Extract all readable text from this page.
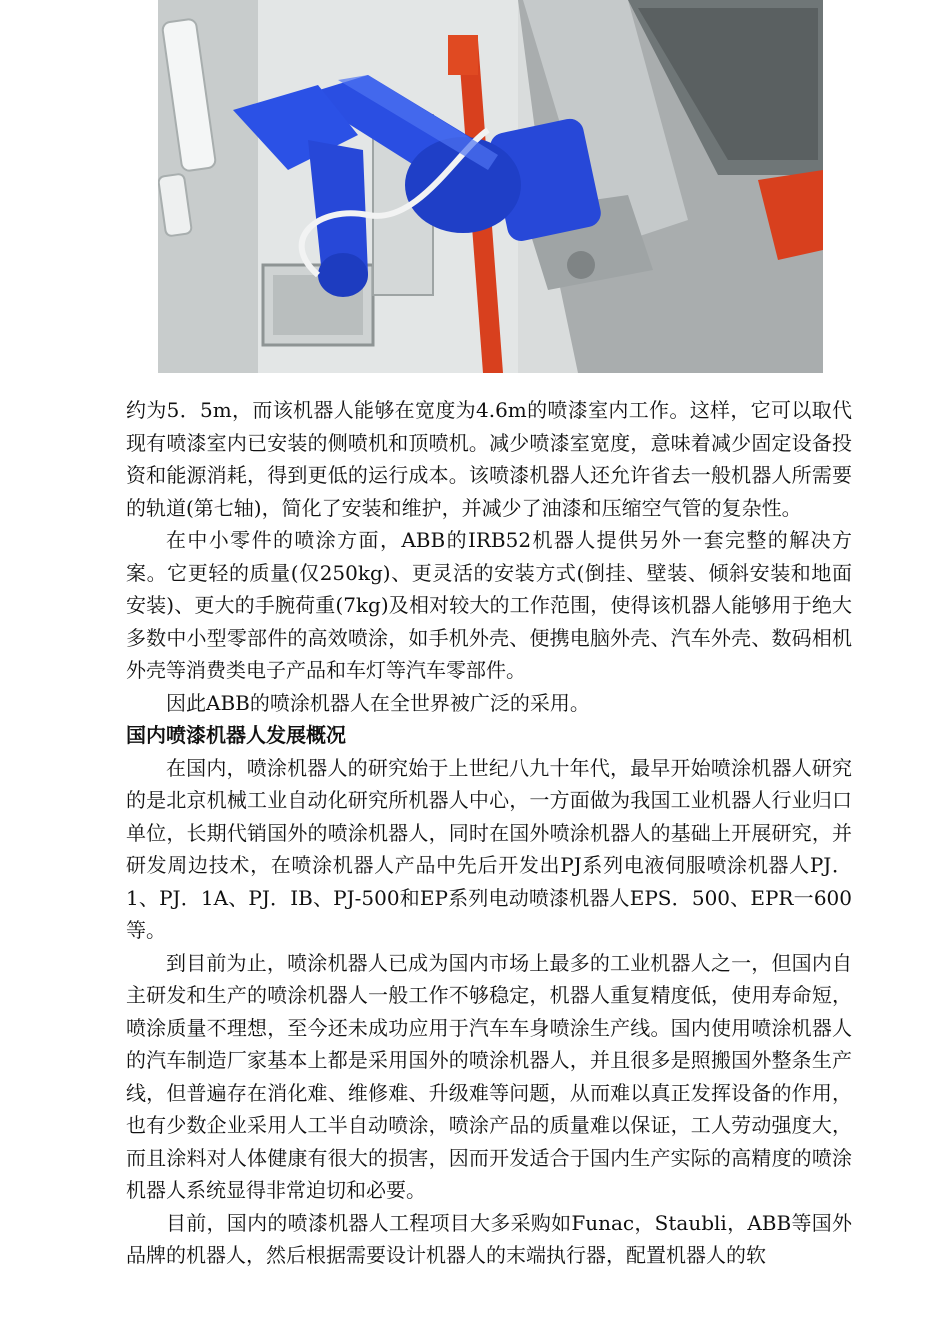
约为5．5m，而该机器人能够在宽度为4.6m的喷漆室内工作。这样，它可以取代现有喷漆室内已安装的侧喷机和顶喷机。减少喷漆室宽度，意味着减少固定设备投资和能源消耗，得到更低的运行成本。该喷漆机器人还允许省去一般机器人所需要的轨道(第七轴)，简化了安装和维护，并减少了油漆和压缩空气管的复杂性。

在中小零件的喷涂方面，ABB的IRB52机器人提供另外一套完整的解决方案。它更轻的质量(仅250kg)、更灵活的安装方式(倒挂、壁装、倾斜安装和地面安装)、更大的手腕荷重(7kg)及相对较大的工作范围，使得该机器人能够用于绝大多数中小型零部件的高效喷涂，如手机外壳、便携电脑外壳、汽车外壳、数码相机外壳等消费类电子产品和车灯等汽车零部件。

因此ABB的喷涂机器人在全世界被广泛的采用。

国内喷漆机器人发展概况

在国内，喷涂机器人的研究始于上世纪八九十年代，最早开始喷涂机器人研究的是北京机械工业自动化研究所机器人中心，一方面做为我国工业机器人行业归口单位，长期代销国外的喷涂机器人，同时在国外喷涂机器人的基础上开展研究，并研发周边技术，在喷涂机器人产品中先后开发出PJ系列电液伺服喷涂机器人PJ．1、PJ．1A、PJ．IB、PJ-500和EP系列电动喷漆机器人EPS．500、EPR一600等。

到目前为止，喷涂机器人已成为国内市场上最多的工业机器人之一，但国内自主研发和生产的喷涂机器人一般工作不够稳定，机器人重复精度低，使用寿命短，喷涂质量不理想，至今还未成功应用于汽车车身喷涂生产线。国内使用喷涂机器人的汽车制造厂家基本上都是采用国外的喷涂机器人，并且很多是照搬国外整条生产线，但普遍存在消化难、维修难、升级难等问题，从而难以真正发挥设备的作用，也有少数企业采用人工半自动喷涂，喷涂产品的质量难以保证，工人劳动强度大，而且涂料对人体健康有很大的损害，因而开发适合于国内生产实际的高精度的喷涂机器人系统显得非常迫切和必要。

目前，国内的喷漆机器人工程项目大多采购如Funac，Staubli，ABB等国外品牌的机器人，然后根据需要设计机器人的末端执行器，配置机器人的软
